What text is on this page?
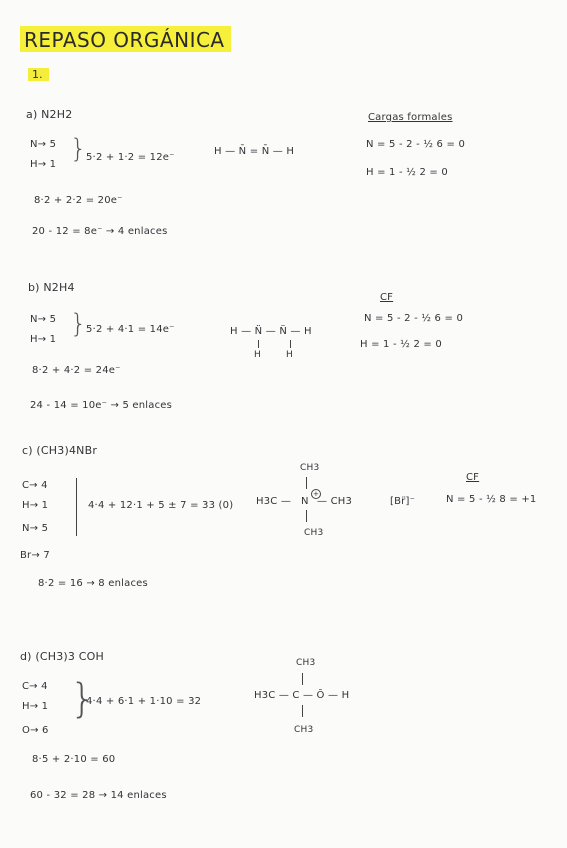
REPASO ORGÁNICA
1.
a) N2H2
N→ 5
H→ 1
} 5·2 + 1·2 = 12e⁻
8·2 + 2·2 = 20e⁻
20 - 12 = 8e⁻ → 4 enlaces
H — N̄ = N̄ — H
Cargas formales
N = 5 - 2 - ½ 6 = 0
H = 1 - ½ 2 = 0
b) N2H4
N→ 5
H→ 1
} 5·2 + 4·1 = 14e⁻
8·2 + 4·2 = 24e⁻
24 - 14 = 10e⁻ → 5 enlaces
H — N̈ — N̈ — H
H	H
CF
N = 5 - 2 - ½ 6 = 0
H = 1 - ½ 2 = 0
c) (CH3)4NBr
C→ 4
H→ 1
N→ 5
Br→ 7
4·4 + 12·1 + 5 ± 7 = 33 (0)
8·2 = 16 → 8 enlaces
CH3
H3C — N
+
— CH3
CH3
[Br̈]⁻
CF
N = 5 - ½ 8 = +1
d) (CH3)3 COH
C→ 4
H→ 1
O→ 6
}
4·4 + 6·1 + 1·10 = 32
8·5 + 2·10 = 60
60 - 32 = 28 → 14 enlaces
CH3
H3C — C — Ō — H
CH3
